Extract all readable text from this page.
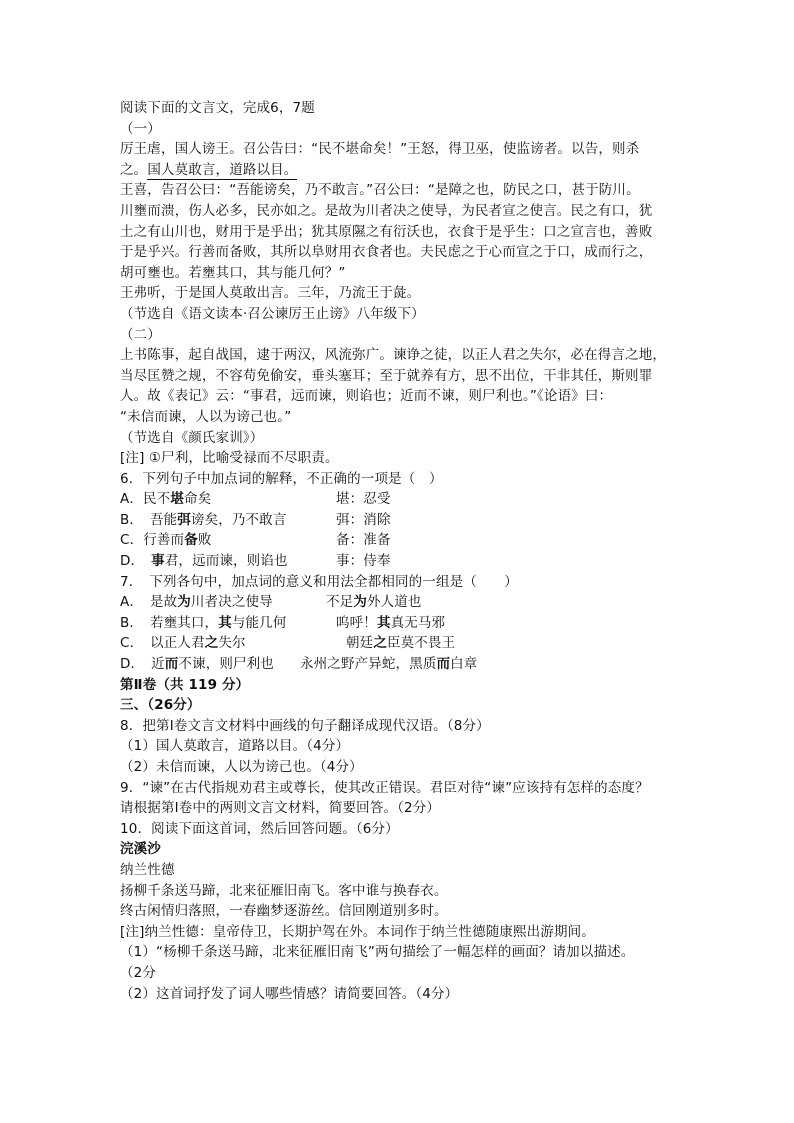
阅读下面的文言文，完成6，7题
（一）
厉王虐，国人谤王。召公告曰：“民不堪命矣！”王怒，得卫巫，使监谤者。以告，则杀
之。国人莫敢言，道路以目。
王喜，告召公曰：“吾能谤矣，乃不敢言。”召公曰：“是障之也，防民之口，甚于防川。
川壅而溃，伤人必多，民亦如之。是故为川者决之使导，为民者宣之使言。民之有口，犹
土之有山川也，财用于是乎出；犹其原隰之有衍沃也，衣食于是乎生：口之宣言也，善败
于是乎兴。行善而备败，其所以阜财用衣食者也。夫民虑之于心而宣之于口，成而行之，
胡可壅也。若壅其口，其与能几何？”
王弗听，于是国人莫敢出言。三年，乃流王于彘。
（节选自《语文读本·召公谏厉王止谤》八年级下）
（二）
上书陈事，起自战国，逮于两汉，风流弥广。谏诤之徒，以正人君之失尔，必在得言之地，
当尽匡赞之规，不容苟免偷安，垂头塞耳；至于就养有方，思不出位，干非其任，斯则罪
人。故《表记》云：“事君，远而谏，则谄也；近而不谏，则尸利也。”《论语》曰：
“未信而谏，人以为谤己也。”
（节选自《颜氏家训》）
[注] ①尸利，比喻受禄而不尽职责。
6．下列句子中加点词的解释，不正确的一项是（　）
A．民不堪命矣	堪：忍受
B．　吾能弭谤矣，乃不敢言	弭：消除
C．行善而备败	备：准备
D．　事君，远而谏，则谄也	事：侍奉
7．　下列各句中，加点词的意义和用法全都相同的一组是（　　）
A．　是故为川者决之使导	不足为外人道也
B．　若壅其口，其与能几何	呜呼！其真无马邪
C．　以正人君之失尔	朝廷之臣莫不畏王
D．　近而不谏，则尸利也 永州之野产异蛇，黑质而白章
第Ⅱ卷（共 119 分）
三、（26分）
8．把第Ⅰ卷文言文材料中画线的句子翻译成现代汉语。（8分）
（1）国人莫敢言，道路以目。（4分）
（2）未信而谏，人以为谤己也。（4分）
9．“谏”在古代指规劝君主或尊长，使其改正错误。君臣对待“谏”应该持有怎样的态度？
请根据第Ⅰ卷中的两则文言文材料，简要回答。（2分）
10．阅读下面这首词，然后回答问题。（6分）
浣溪沙
纳兰性德
扬柳千条送马蹄，北来征雁旧南飞。客中谁与换春衣。
终古闲情归落照，一春幽梦逐游丝。信回刚道别多时。
[注]纳兰性德：皇帝侍卫，长期护驾在外。本词作于纳兰性德随康熙出游期间。
（1）“杨柳千条送马蹄，北来征雁旧南飞”两句描绘了一幅怎样的画面？请加以描述。
（2分
（2）这首词抒发了词人哪些情感？请简要回答。（4分）
